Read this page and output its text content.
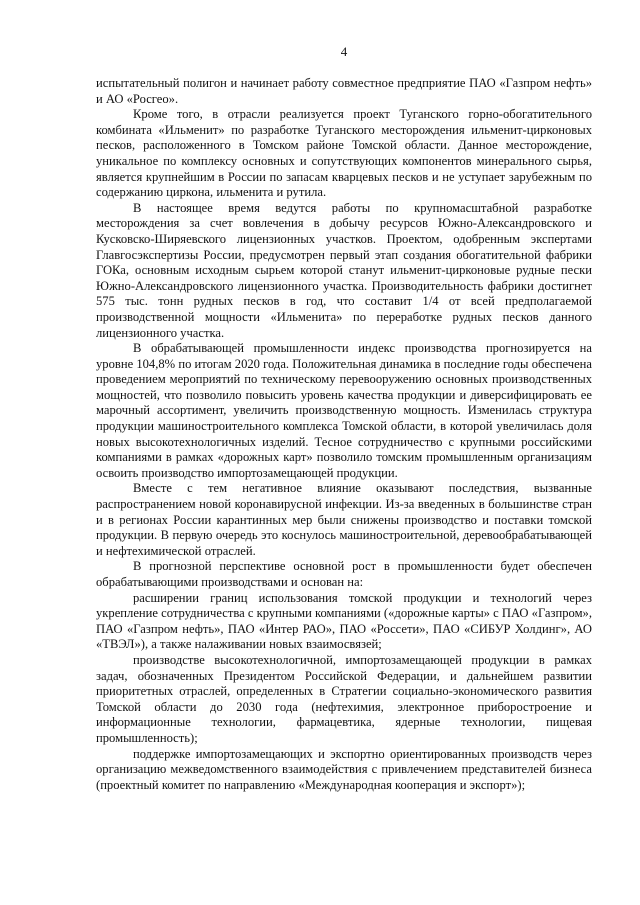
4

испытательный полигон и начинает работу совместное предприятие ПАО «Газпром нефть» и АО «Росгео».

Кроме того, в отрасли реализуется проект Туганского горно-обогатительного комбината «Ильменит» по разработке Туганского месторождения ильменит-цирконовых песков, расположенного в Томском районе Томской области. Данное месторождение, уникальное по комплексу основных и сопутствующих компонентов минерального сырья, является крупнейшим в России по запасам кварцевых песков и не уступает зарубежным по содержанию циркона, ильменита и рутила.

В настоящее время ведутся работы по крупномасштабной разработке месторождения за счет вовлечения в добычу ресурсов Южно-Александровского и Кусковско-Ширяевского лицензионных участков. Проектом, одобренным экспертами Главгосэкспертизы России, предусмотрен первый этап создания обогатительной фабрики ГОКа, основным исходным сырьем которой станут ильменит-цирконовые рудные пески Южно-Александровского лицензионного участка. Производительность фабрики достигнет 575 тыс. тонн рудных песков в год, что составит 1/4 от всей предполагаемой производственной мощности «Ильменита» по переработке рудных песков данного лицензионного участка.

В обрабатывающей промышленности индекс производства прогнозируется на уровне 104,8% по итогам 2020 года. Положительная динамика в последние годы обеспечена проведением мероприятий по техническому перевооружению основных производственных мощностей, что позволило повысить уровень качества продукции и диверсифицировать ее марочный ассортимент, увеличить производственную мощность. Изменилась структура продукции машиностроительного комплекса Томской области, в которой увеличилась доля новых высокотехнологичных изделий. Тесное сотрудничество с крупными российскими компаниями в рамках «дорожных карт» позволило томским промышленным организациям освоить производство импортозамещающей продукции.

Вместе с тем негативное влияние оказывают последствия, вызванные распространением новой коронавирусной инфекции. Из-за введенных в большинстве стран и в регионах России карантинных мер были снижены производство и поставки томской продукции. В первую очередь это коснулось машиностроительной, деревообрабатывающей и нефтехимической отраслей.

В прогнозной перспективе основной рост в промышленности будет обеспечен обрабатывающими производствами и основан на:

расширении границ использования томской продукции и технологий через укрепление сотрудничества с крупными компаниями («дорожные карты» с ПАО «Газпром», ПАО «Газпром нефть», ПАО «Интер РАО», ПАО «Россети», ПАО «СИБУР Холдинг», АО «ТВЭЛ»), а также налаживании новых взаимосвязей;

производстве высокотехнологичной, импортозамещающей продукции в рамках задач, обозначенных Президентом Российской Федерации, и дальнейшем развитии приоритетных отраслей, определенных в Стратегии социально-экономического развития Томской области до 2030 года (нефтехимия, электронное приборостроение и информационные технологии, фармацевтика, ядерные технологии, пищевая промышленность);

поддержке импортозамещающих и экспортно ориентированных производств через организацию межведомственного взаимодействия с привлечением представителей бизнеса (проектный комитет по направлению «Международная кооперация и экспорт»);
